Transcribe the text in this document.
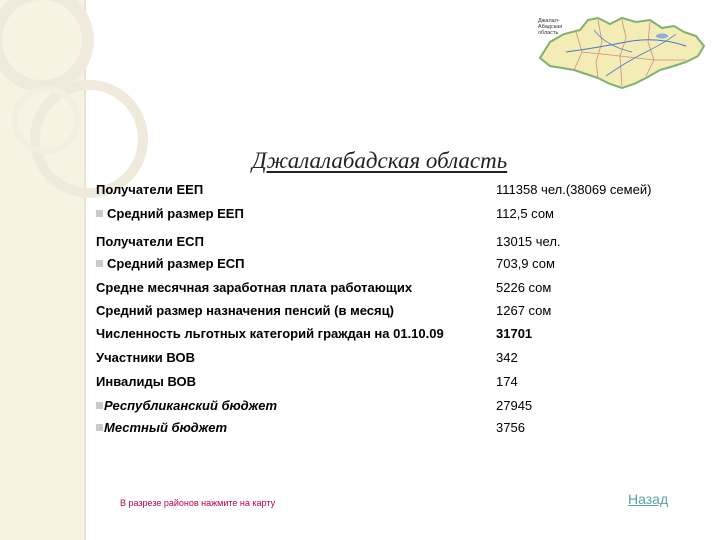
Джалал-
Абадская
область
Джалалабадская область
Получатели ЕЕП	111358 чел.(38069 семей)
Средний размер ЕЕП	112,5 сом
Получатели ЕСП	13015 чел.
Средний размер ЕСП	703,9 сом
Средне месячная заработная плата работающих	5226 сом
Средний размер назначения пенсий (в месяц)	1267 сом
Численность льготных категорий граждан на 01.10.09	31701
Участники ВОВ	342
Инвалиды ВОВ	174
Республиканский бюджет	27945
Местный бюджет	3756
В разрезе районов нажмите на карту	Назад
